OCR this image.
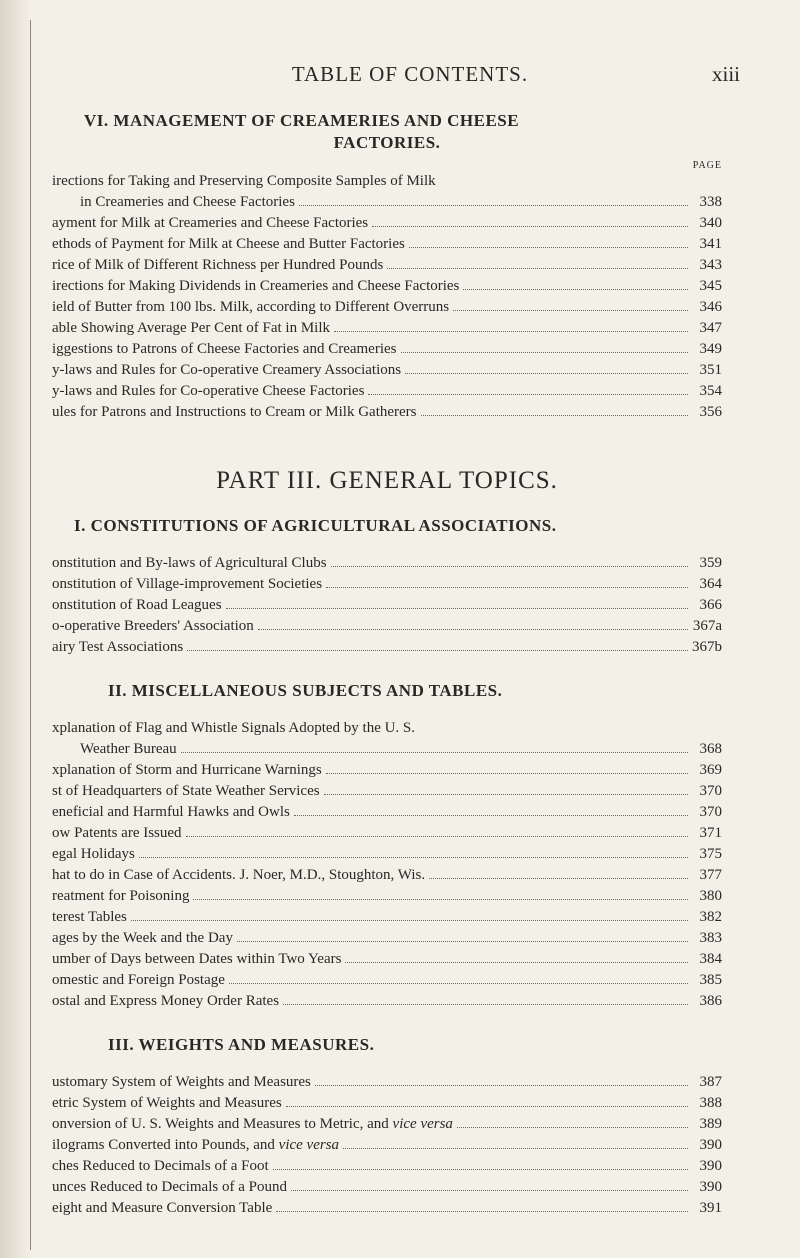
TABLE OF CONTENTS.	xiii
VI. MANAGEMENT OF CREAMERIES AND CHEESE
FACTORIES.
PAGE
irections for Taking and Preserving Composite Samples of Milk
in Creameries and Cheese Factories	338
ayment for Milk at Creameries and Cheese Factories	340
ethods of Payment for Milk at Cheese and Butter Factories	341
rice of Milk of Different Richness per Hundred Pounds	343
irections for Making Dividends in Creameries and Cheese Factories	345
ield of Butter from 100 lbs. Milk, according to Different Overruns	346
able Showing Average Per Cent of Fat in Milk	347
iggestions to Patrons of Cheese Factories and Creameries	349
y-laws and Rules for Co-operative Creamery Associations	351
y-laws and Rules for Co-operative Cheese Factories	354
ules for Patrons and Instructions to Cream or Milk Gatherers	356
PART III. GENERAL TOPICS.
I. CONSTITUTIONS OF AGRICULTURAL ASSOCIATIONS.
onstitution and By-laws of Agricultural Clubs	359
onstitution of Village-improvement Societies	364
onstitution of Road Leagues	366
o-operative Breeders' Association	367a
airy Test Associations	367b
II. MISCELLANEOUS SUBJECTS AND TABLES.
xplanation of Flag and Whistle Signals Adopted by the U. S.
Weather Bureau	368
xplanation of Storm and Hurricane Warnings	369
st of Headquarters of State Weather Services	370
eneficial and Harmful Hawks and Owls	370
ow Patents are Issued	371
egal Holidays	375
hat to do in Case of Accidents. J. Noer, M.D., Stoughton, Wis.	377
reatment for Poisoning	380
terest Tables	382
ages by the Week and the Day	383
umber of Days between Dates within Two Years	384
omestic and Foreign Postage	385
ostal and Express Money Order Rates	386
III. WEIGHTS AND MEASURES.
ustomary System of Weights and Measures	387
etric System of Weights and Measures	388
onversion of U. S. Weights and Measures to Metric, and vice versa	389
ilograms Converted into Pounds, and vice versa	390
ches Reduced to Decimals of a Foot	390
unces Reduced to Decimals of a Pound	390
eight and Measure Conversion Table	391
